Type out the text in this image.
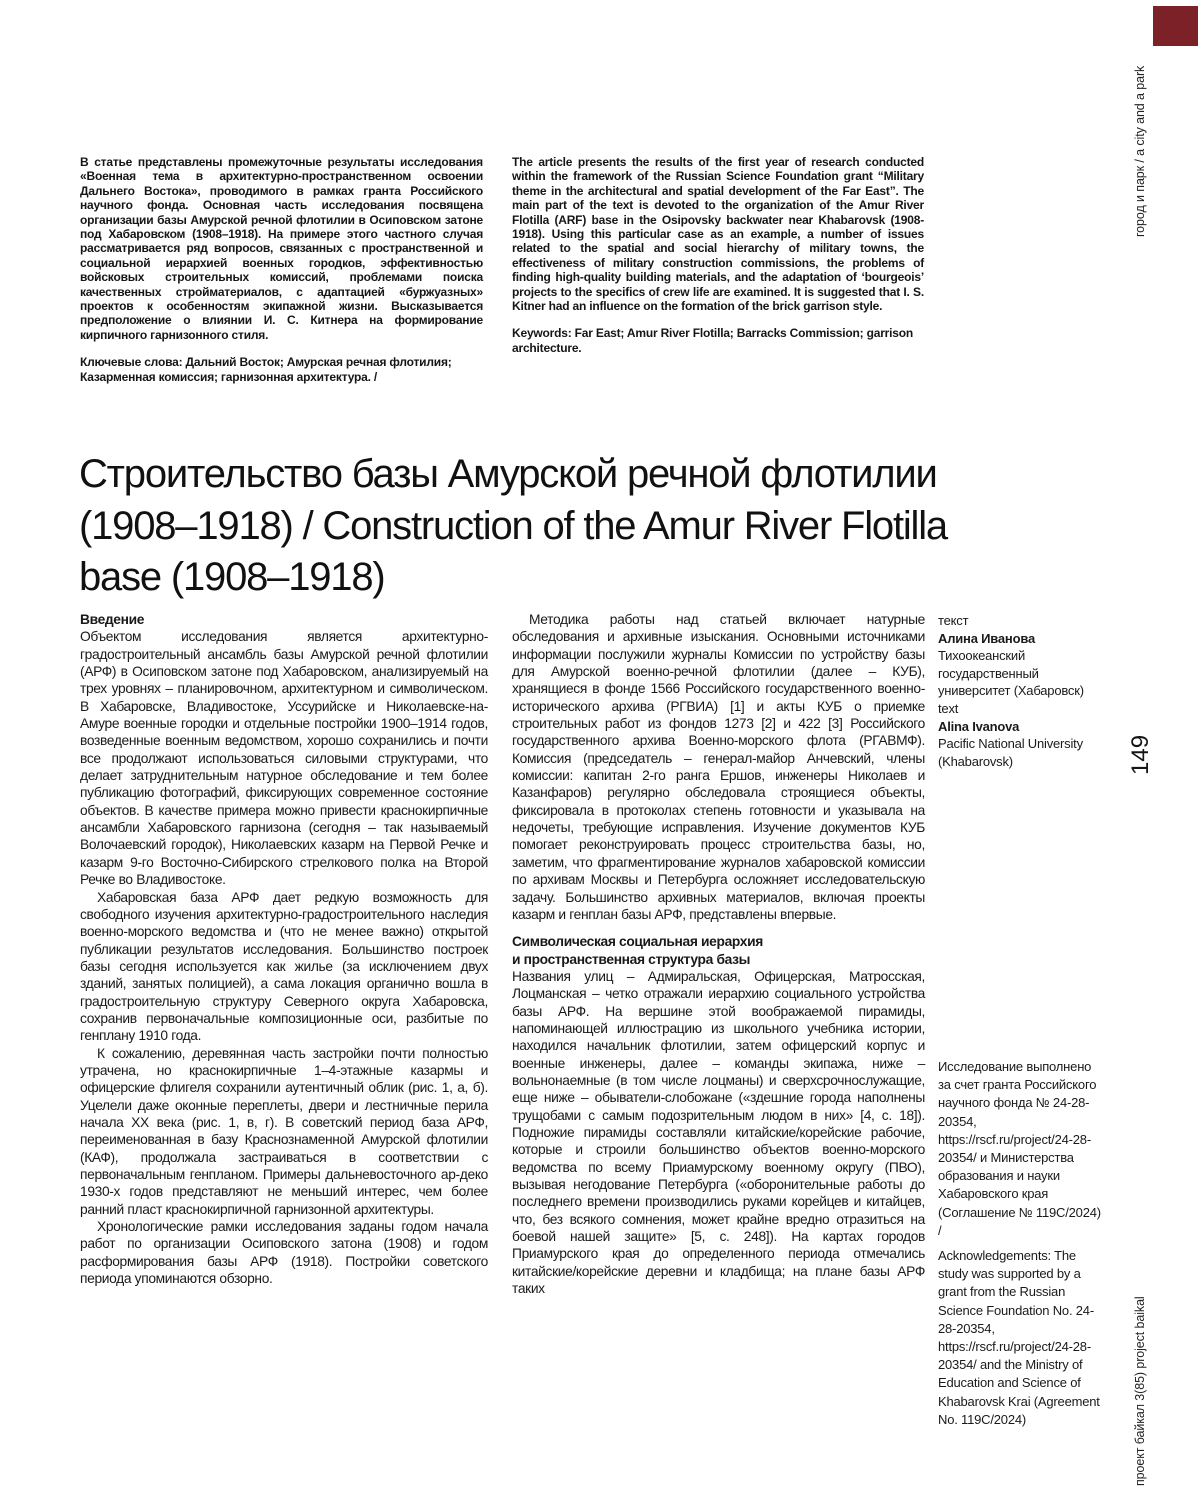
город и парк / a city and a park
В статье представлены промежуточные результаты исследования «Военная тема в архитектурно-пространственном освоении Дальнего Востока», проводимого в рамках гранта Российского научного фонда. Основная часть исследования посвящена организации базы Амурской речной флотилии в Осиповском затоне под Хабаровском (1908–1918). На примере этого частного случая рассматривается ряд вопросов, связанных с пространственной и социальной иерархией военных городков, эффективностью войсковых строительных комиссий, проблемами поиска качественных стройматериалов, с адаптацией «буржуазных» проектов к особенностям экипажной жизни. Высказывается предположение о влиянии И. С. Китнера на формирование кирпичного гарнизонного стиля.
Ключевые слова: Дальний Восток; Амурская речная флотилия; Казарменная комиссия; гарнизонная архитектура. /
The article presents the results of the first year of research conducted within the framework of the Russian Science Foundation grant “Military theme in the architectural and spatial development of the Far East”. The main part of the text is devoted to the organization of the Amur River Flotilla (ARF) base in the Osipovsky backwater near Khabarovsk (1908-1918). Using this particular case as an example, a number of issues related to the spatial and social hierarchy of military towns, the effectiveness of military construction commissions, the problems of finding high-quality building materials, and the adaptation of ‘bourgeois’ projects to the specifics of crew life are examined. It is suggested that I. S. Kitner had an influence on the formation of the brick garrison style.
Keywords: Far East; Amur River Flotilla; Barracks Commission; garrison architecture.
Строительство базы Амурской речной флотилии
(1908–1918) / Construction of the Amur River Flotilla
base (1908–1918)
Введение

Объектом исследования является архитектурно-градостроительный ансамбль базы Амурской речной флотилии (АРФ) в Осиповском затоне под Хабаровском, анализируемый на трех уровнях – планировочном, архитектурном и символическом. В Хабаровске, Владивостоке, Уссурийске и Николаевске-на-Амуре военные городки и отдельные постройки 1900–1914 годов, возведенные военным ведомством, хорошо сохранились и почти все продолжают использоваться силовыми структурами, что делает затруднительным натурное обследование и тем более публикацию фотографий, фиксирующих современное состояние объектов. В качестве примера можно привести краснокирпичные ансамбли Хабаровского гарнизона (сегодня – так называемый Волочаевский городок), Николаевских казарм на Первой Речке и казарм 9-го Восточно-Сибирского стрелкового полка на Второй Речке во Владивостоке.

Хабаровская база АРФ дает редкую возможность для свободного изучения архитектурно-градостроительного наследия военно-морского ведомства и (что не менее важно) открытой публикации результатов исследования. Большинство построек базы сегодня используется как жилье (за исключением двух зданий, занятых полицией), а сама локация органично вошла в градостроительную структуру Северного округа Хабаровска, сохранив первоначальные композиционные оси, разбитые по генплану 1910 года.

К сожалению, деревянная часть застройки почти полностью утрачена, но краснокирпичные 1–4-этажные казармы и офицерские флигеля сохранили аутентичный облик (рис. 1, а, б). Уцелели даже оконные переплеты, двери и лестничные перила начала XX века (рис. 1, в, г). В советский период база АРФ, переименованная в базу Краснознаменной Амурской флотилии (КАФ), продолжала застраиваться в соответствии с первоначальным генпланом. Примеры дальневосточного ар-деко 1930-х годов представляют не меньший интерес, чем более ранний пласт краснокирпичной гарнизонной архитектуры.

Хронологические рамки исследования заданы годом начала работ по организации Осиповского затона (1908) и годом расформирования базы АРФ (1918). Постройки советского периода упоминаются обзорно.

Методика работы над статьей включает натурные обследования и архивные изыскания. Основными источниками информации послужили журналы Комиссии по устройству базы для Амурской военно-речной флотилии (далее – КУБ), хранящиеся в фонде 1566 Российского государственного военно-исторического архива (РГВИА) [1] и акты КУБ о приемке строительных работ из фондов 1273 [2] и 422 [3] Российского государственного архива Военно-морского флота (РГАВМФ). Комиссия (председатель – генерал-майор Анчевский, члены комиссии: капитан 2-го ранга Ершов, инженеры Николаев и Казанфаров) регулярно обследовала строящиеся объекты, фиксировала в протоколах степень готовности и указывала на недочеты, требующие исправления. Изучение документов КУБ помогает реконструировать процесс строительства базы, но, заметим, что фрагментирование журналов хабаровской комиссии по архивам Москвы и Петербурга осложняет исследовательскую задачу. Большинство архивных материалов, включая проекты казарм и генплан базы АРФ, представлены впервые.

Символическая социальная иерархия
и пространственная структура базы

Названия улиц – Адмиральская, Офицерская, Матросская, Лоцманская – четко отражали иерархию социального устройства базы АРФ. На вершине этой воображаемой пирамиды, напоминающей иллюстрацию из школьного учебника истории, находился начальник флотилии, затем офицерский корпус и военные инженеры, далее – команды экипажа, ниже – вольнонаемные (в том числе лоцманы) и сверхсрочнослужащие, еще ниже – обыватели-слобожане («здешние города наполнены трущобами с самым подозрительным людом в них» [4, с. 18]). Подножие пирамиды составляли китайские/корейские рабочие, которые и строили большинство объектов военно-морского ведомства по всему Приамурскому военному округу (ПВО), вызывая негодование Петербурга («оборонительные работы до последнего времени производились руками корейцев и китайцев, что, без всякого сомнения, может крайне вредно отразиться на боевой нашей защите» [5, с. 248]). На картах городов Приамурского края до определенного периода отмечались китайские/корейские деревни и кладбища; на плане базы АРФ таких

текст
Алина Иванова
Тихоокеанский государственный университет (Хабаровск)
text
Alina Ivanova
Pacific National University (Khabarovsk)

Исследование выполнено за счет гранта Российского научного фонда № 24-28-20354, https://rscf.ru/project/24-28-20354/ и Министерства образования и науки Хабаровского края (Соглашение № 119C/2024) /

Acknowledgements: The study was supported by a grant from the Russian Science Foundation No. 24-28-20354, https://rscf.ru/project/24-28-20354/ and the Ministry of Education and Science of Khabarovsk Krai (Agreement No. 119C/2024)

149
проект байкал 3(85) project baikal
